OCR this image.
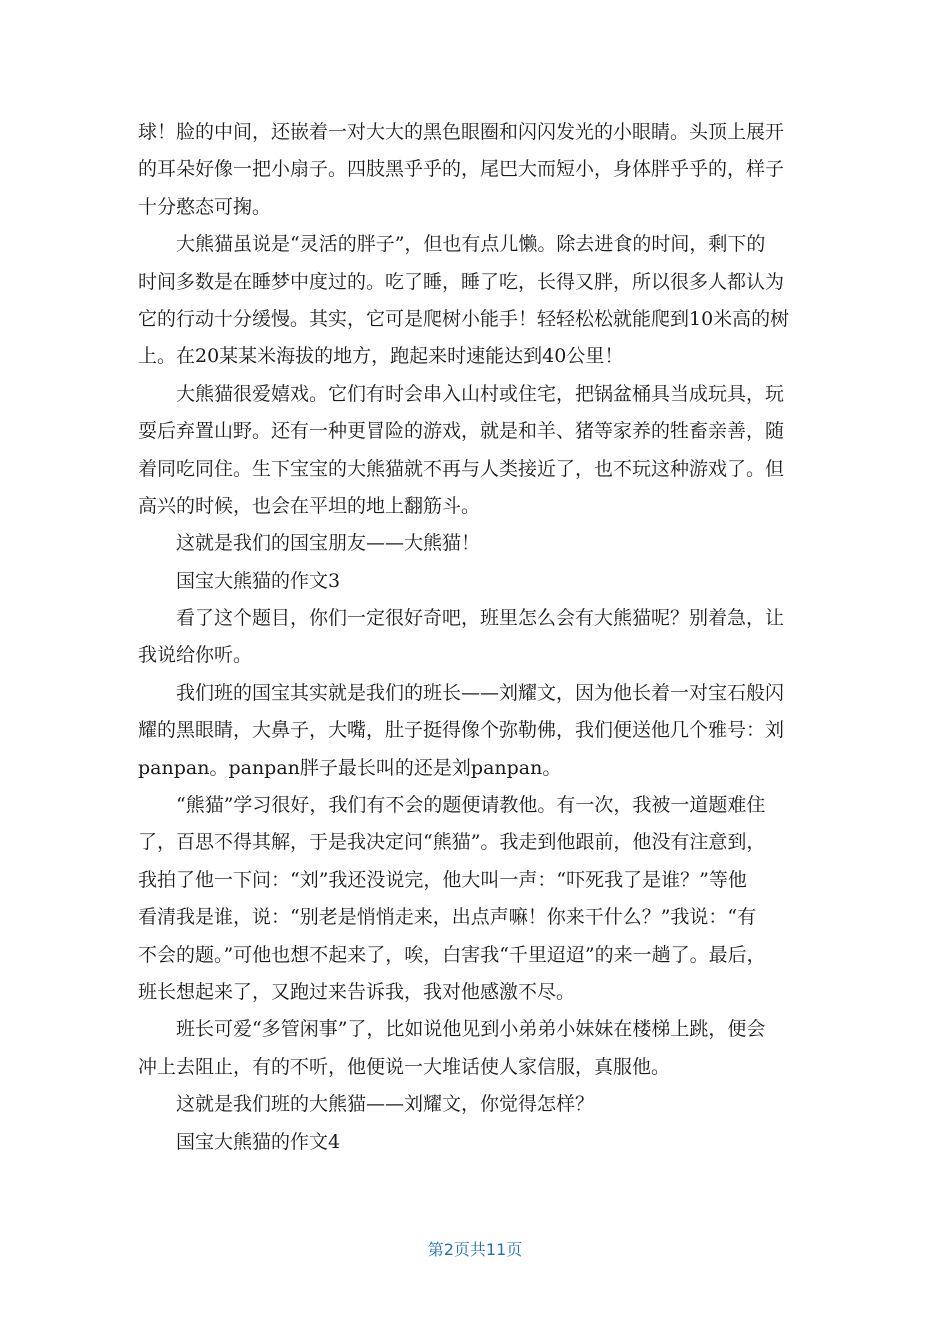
球！脸的中间，还嵌着一对大大的黑色眼圈和闪闪发光的小眼睛。头顶上展开
的耳朵好像一把小扇子。四肢黑乎乎的，尾巴大而短小，身体胖乎乎的，样子
十分憨态可掬。
大熊猫虽说是“灵活的胖子”，但也有点儿懒。除去进食的时间，剩下的
时间多数是在睡梦中度过的。吃了睡，睡了吃，长得又胖，所以很多人都认为
它的行动十分缓慢。其实，它可是爬树小能手！轻轻松松就能爬到10米高的树
上。在20某某米海拔的地方，跑起来时速能达到40公里！
大熊猫很爱嬉戏。它们有时会串入山村或住宅，把锅盆桶具当成玩具，玩
耍后弃置山野。还有一种更冒险的游戏，就是和羊、猪等家养的牲畜亲善，随
着同吃同住。生下宝宝的大熊猫就不再与人类接近了，也不玩这种游戏了。但
高兴的时候，也会在平坦的地上翻筋斗。
这就是我们的国宝朋友——大熊猫！
国宝大熊猫的作文3
看了这个题目，你们一定很好奇吧，班里怎么会有大熊猫呢？别着急，让
我说给你听。
我们班的国宝其实就是我们的班长——刘耀文，因为他长着一对宝石般闪
耀的黑眼睛，大鼻子，大嘴，肚子挺得像个弥勒佛，我们便送他几个雅号：刘
panpan。panpan胖子最长叫的还是刘panpan。
“熊猫”学习很好，我们有不会的题便请教他。有一次，我被一道题难住
了，百思不得其解，于是我决定问“熊猫”。我走到他跟前，他没有注意到，
我拍了他一下问：“刘”我还没说完，他大叫一声：“吓死我了是谁？”等他
看清我是谁，说：“别老是悄悄走来，出点声嘛！你来干什么？”我说：“有
不会的题。”可他也想不起来了，唉，白害我“千里迢迢”的来一趟了。最后，
班长想起来了，又跑过来告诉我，我对他感激不尽。
班长可爱“多管闲事”了，比如说他见到小弟弟小妹妹在楼梯上跳，便会
冲上去阻止，有的不听，他便说一大堆话使人家信服，真服他。
这就是我们班的大熊猫——刘耀文，你觉得怎样？
国宝大熊猫的作文4
第2页共11页
